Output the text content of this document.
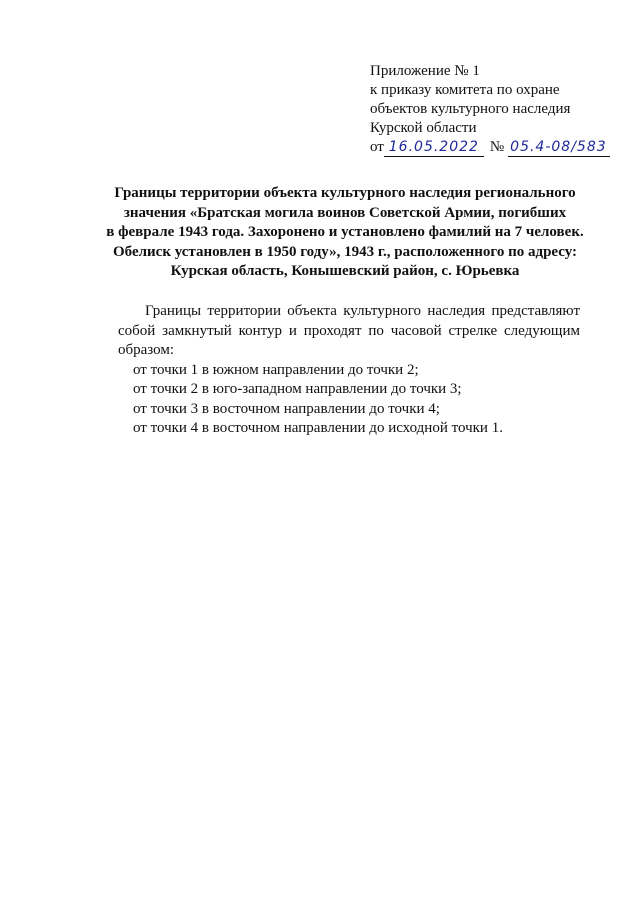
Приложение № 1
к приказу комитета по охране
объектов культурного наследия
Курской области
от 16.05.2022 № 05.4-08/583
Границы территории объекта культурного наследия регионального
значения «Братская могила воинов Советской Армии, погибших
в феврале 1943 года. Захоронено и установлено фамилий на 7 человек.
Обелиск установлен в 1950 году», 1943 г., расположенного по адресу:
Курская область, Конышевский район, с. Юрьевка

Границы территории объекта культурного наследия представляют собой замкнутый контур и проходят по часовой стрелке следующим образом:

от точки 1 в южном направлении до точки 2;

от точки 2 в юго-западном направлении до точки 3;

от точки 3 в восточном направлении до точки 4;

от точки 4 в восточном направлении до исходной точки 1.
